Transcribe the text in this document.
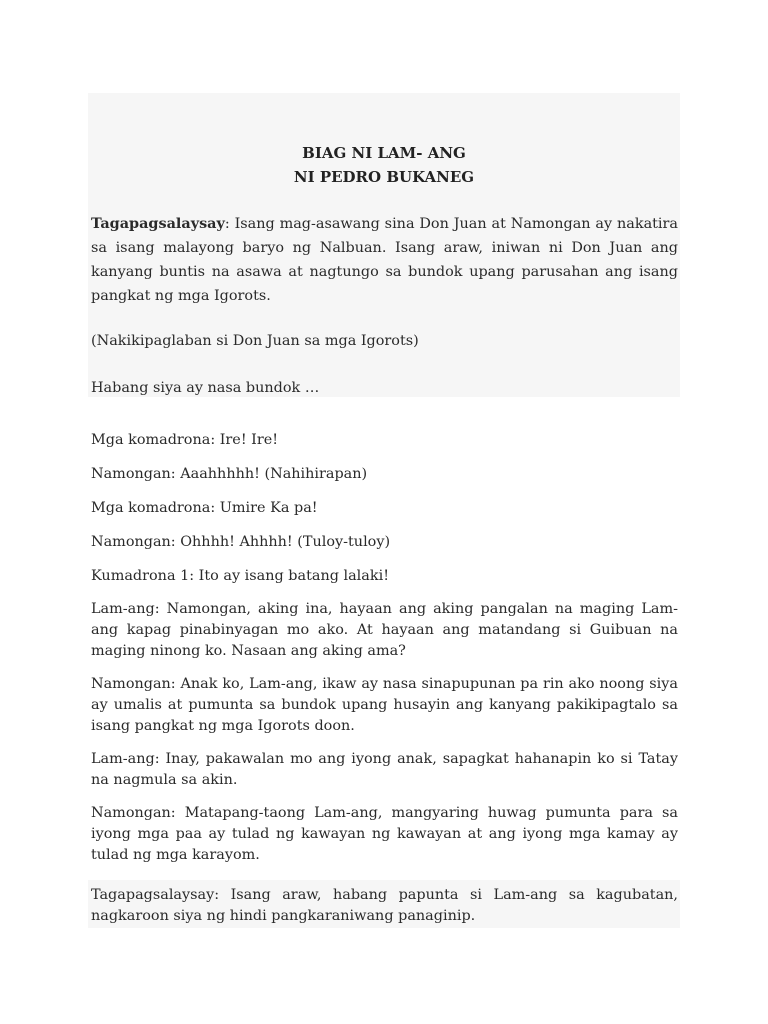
BIAG NI LAM- ANG
NI PEDRO BUKANEG

Tagapagsalaysay: Isang mag-asawang sina Don Juan at Namongan ay nakatira sa isang malayong baryo ng Nalbuan. Isang araw, iniwan ni Don Juan ang kanyang buntis na asawa at nagtungo sa bundok upang parusahan ang isang pangkat ng mga Igorots.

(Nakikipaglaban si Don Juan sa mga Igorots)

Habang siya ay nasa bundok …

Mga komadrona: Ire! Ire!

Namongan: Aaahhhhh! (Nahihirapan)

Mga komadrona: Umire Ka pa!

Namongan: Ohhhh! Ahhhh! (Tuloy-tuloy)

Kumadrona 1: Ito ay isang batang lalaki!

Lam-ang: Namongan, aking ina, hayaan ang aking pangalan na maging Lam-ang kapag pinabinyagan mo ako. At hayaan ang matandang si Guibuan na maging ninong ko. Nasaan ang aking ama?

Namongan: Anak ko, Lam-ang, ikaw ay nasa sinapupunan pa rin ako noong siya ay umalis at pumunta sa bundok upang husayin ang kanyang pakikipagtalo sa isang pangkat ng mga Igorots doon.

Lam-ang: Inay, pakawalan mo ang iyong anak, sapagkat hahanapin ko si Tatay na nagmula sa akin.

Namongan: Matapang-taong Lam-ang, mangyaring huwag pumunta para sa iyong mga paa ay tulad ng kawayan ng kawayan at ang iyong mga kamay ay tulad ng mga karayom.

Tagapagsalaysay: Isang araw, habang papunta si Lam-ang sa kagubatan, nagkaroon siya ng hindi pangkaraniwang panaginip.
